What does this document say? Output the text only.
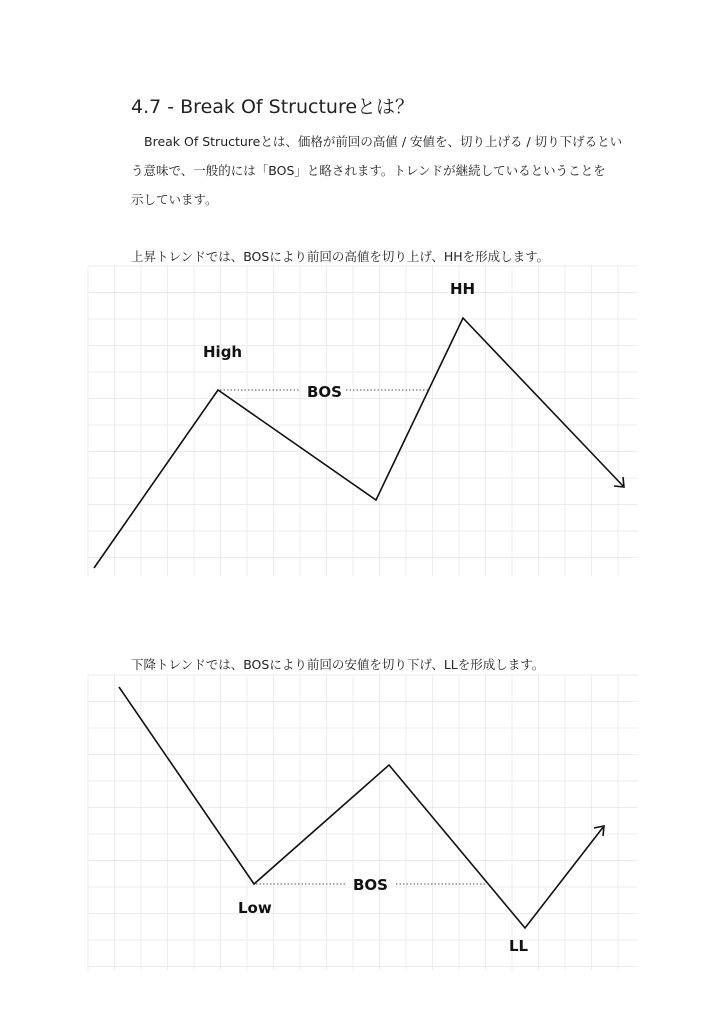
4.7 - Break Of Structureとは？
Break Of Structureとは、価格が前回の高値 / 安値を、切り上げる / 切り下げるとい
う意味で、一般的には「BOS」と略されます。トレンドが継続しているということを
示しています。
上昇トレンドでは、BOSにより前回の高値を切り上げ、HHを形成します。
High
BOS
HH
下降トレンドでは、BOSにより前回の安値を切り下げ、LLを形成します。
Low
BOS
LL
